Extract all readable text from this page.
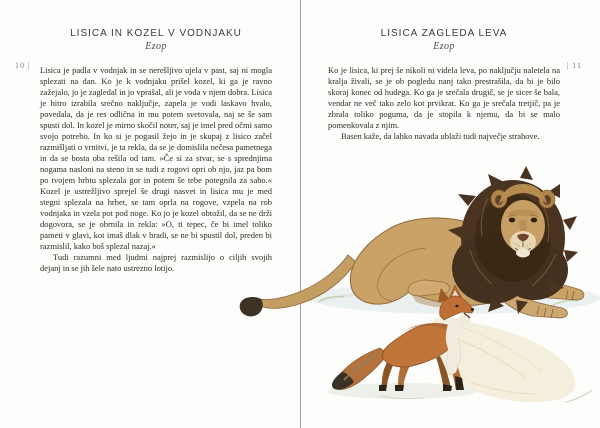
10 |
LISICA IN KOZEL V VODNJAKU
Ezop

Lisica je padla v vodnjak in se nerešljivo ujela v past, saj ni mogla splezati na dan. Ko je k vodnjaku prišel kozel, ki ga je ravno zažejalo, jo je zagledal in jo vprašal, ali je voda v njem dobra. Lisica je hitro izrabila srečno naključje, zapela je vodi laskavo hvalo, povedala, da je res odlična in mu potem svetovala, naj se še sam spusti dol. In kozel je mirno skočil noter, saj je imel pred očmi samo svojo potrebo. In ko si je pogasil žejo in je skupaj z lisico začel razmišljati o vrnitvi, je ta rekla, da se je domislila nečesa pametnega in da se bosta oba rešila od tam. »Če si za stvar, se s sprednjima nogama nasloni na steno in se tudi z rogovi opri ob njo, jaz pa bom po tvojem hrbtu splezala gor in potem še tebe potegnila za sabo.« Kozel je ustrežljivo sprejel še drugi nasvet in lisica mu je med stegni splezala na hrbet, se tam oprla na rogove, vzpela na rob vodnjaka in vzela pot pod noge. Ko jo je kozel obtožil, da se ne drži dogovora, se je obrnila in rekla: »O, ti tepec, če bi imel toliko pameti v glavi, kot imaš dlak v bradi, se ne bi spustil dol, preden bi razmislil, kako boš splezal nazaj.«

Tudi razumni med ljudmi najprej razmislijo o ciljih svojih dejanj in se jih šele nato ustrezno lotijo.

| 11
LISICA ZAGLEDA LEVA
Ezop

Ko je lisica, ki prej še nikoli ni videla leva, po naključju naletela na kralja živali, se je ob pogledu nanj tako prestrašila, da bi je bilo skoraj konec od hudega. Ko ga je srečala drugič, se je sicer še bala, vendar ne več tako zelo kot prvikrat. Ko ga je srečala tretjič, pa je zbrala toliko poguma, da je stopila k njemu, da bi se malo pomenkovala z njim.

Basen kaže, da lahko navada ublaži tudi največje strahove.
